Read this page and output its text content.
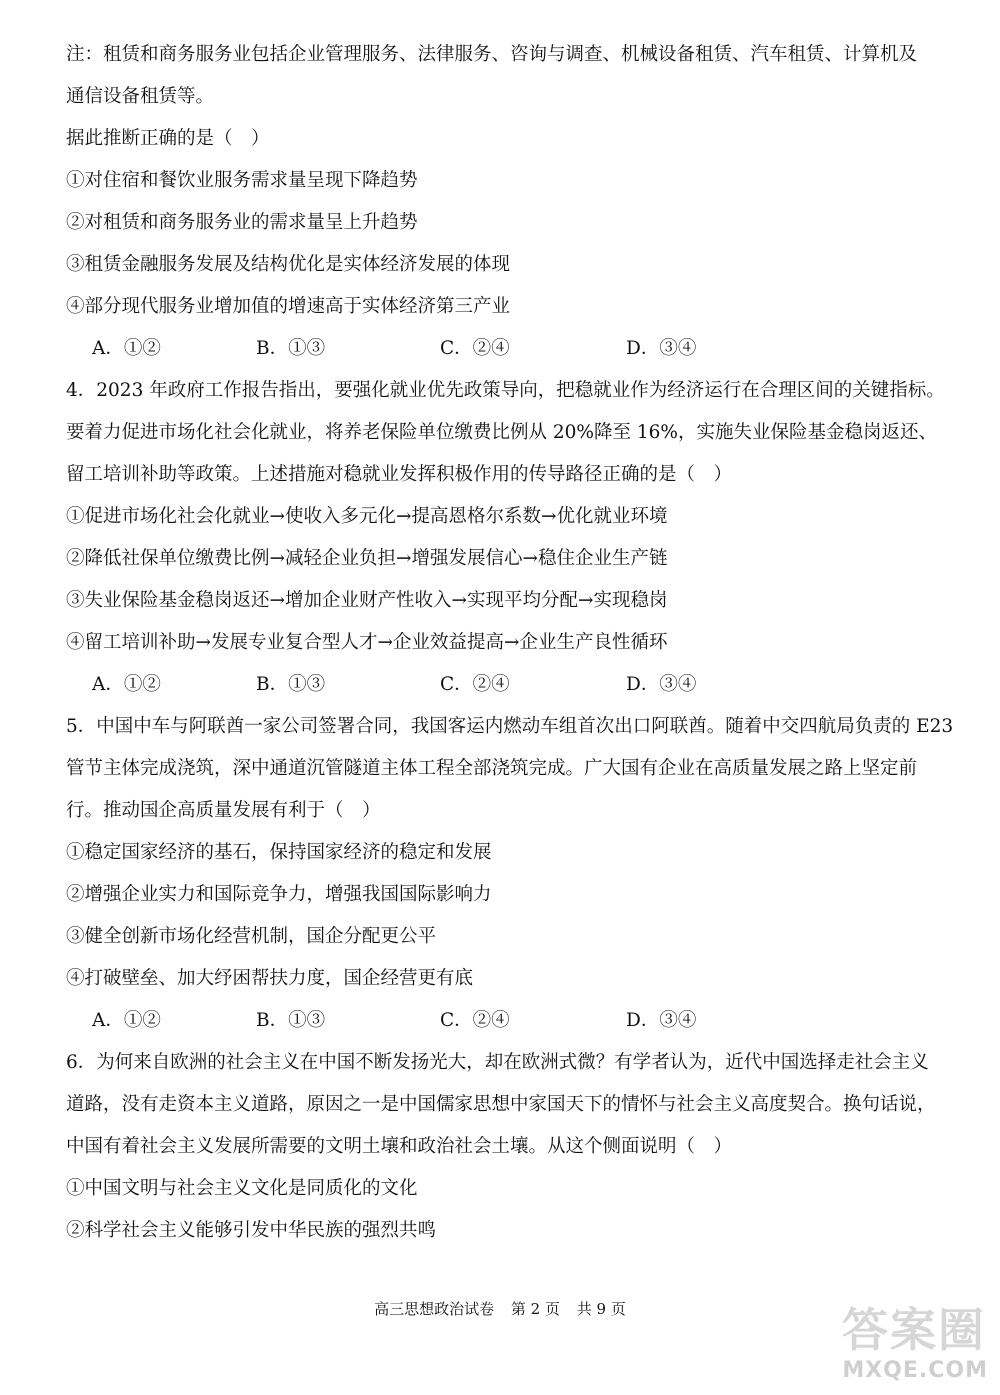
注：租赁和商务服务业包括企业管理服务、法律服务、咨询与调查、机械设备租赁、汽车租赁、计算机及
通信设备租赁等。
据此推断正确的是（　）
①对住宿和餐饮业服务需求量呈现下降趋势
②对租赁和商务服务业的需求量呈上升趋势
③租赁金融服务发展及结构优化是实体经济发展的体现
④部分现代服务业增加值的增速高于实体经济第三产业
A．①②	B．①③	C．②④	D．③④
4．2023 年政府工作报告指出，要强化就业优先政策导向，把稳就业作为经济运行在合理区间的关键指标。
要着力促进市场化社会化就业，将养老保险单位缴费比例从 20%降至 16%，实施失业保险基金稳岗返还、
留工培训补助等政策。上述措施对稳就业发挥积极作用的传导路径正确的是（　）
①促进市场化社会化就业→使收入多元化→提高恩格尔系数→优化就业环境
②降低社保单位缴费比例→减轻企业负担→增强发展信心→稳住企业生产链
③失业保险基金稳岗返还→增加企业财产性收入→实现平均分配→实现稳岗
④留工培训补助→发展专业复合型人才→企业效益提高→企业生产良性循环
A．①②	B．①③	C．②④	D．③④
5．中国中车与阿联酋一家公司签署合同，我国客运内燃动车组首次出口阿联酋。随着中交四航局负责的 E23
管节主体完成浇筑，深中通道沉管隧道主体工程全部浇筑完成。广大国有企业在高质量发展之路上坚定前
行。推动国企高质量发展有利于（　）
①稳定国家经济的基石，保持国家经济的稳定和发展
②增强企业实力和国际竞争力，增强我国国际影响力
③健全创新市场化经营机制，国企分配更公平
④打破壁垒、加大纾困帮扶力度，国企经营更有底
A．①②	B．①③	C．②④	D．③④
6．为何来自欧洲的社会主义在中国不断发扬光大，却在欧洲式微？有学者认为，近代中国选择走社会主义
道路，没有走资本主义道路，原因之一是中国儒家思想中家国天下的情怀与社会主义高度契合。换句话说，
中国有着社会主义发展所需要的文明土壤和政治社会土壤。从这个侧面说明（　）
①中国文明与社会主义文化是同质化的文化
②科学社会主义能够引发中华民族的强烈共鸣
高三思想政治试卷 第 2 页 共 9 页	答案圈
MXQE.COM
